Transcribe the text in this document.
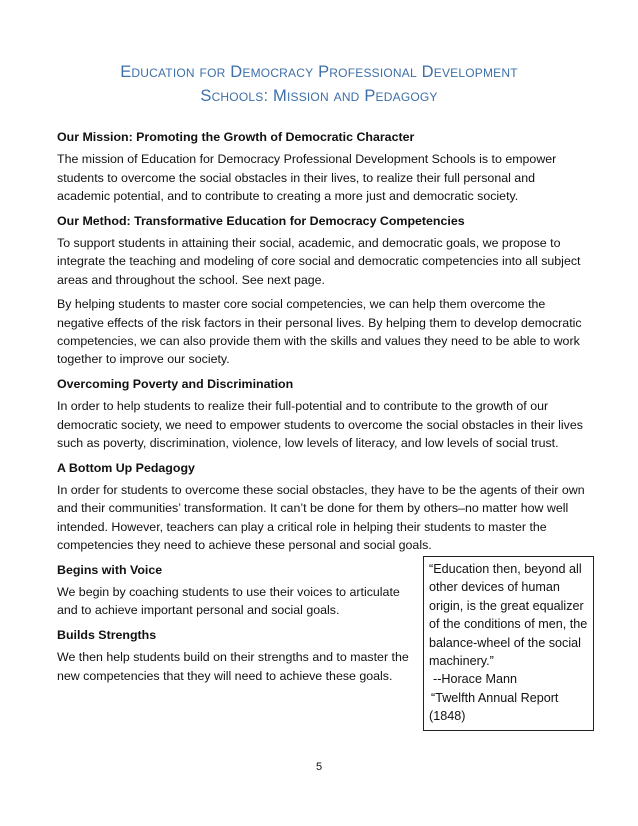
Education for Democracy Professional Development
Schools: Mission and Pedagogy
Our Mission: Promoting the Growth of Democratic Character

The mission of Education for Democracy Professional Development Schools is to empower students to overcome the social obstacles in their lives, to realize their full personal and academic potential, and to contribute to creating a more just and democratic society.

Our Method: Transformative Education for Democracy Competencies

To support students in attaining their social, academic, and democratic goals, we propose to integrate the teaching and modeling of core social and democratic competencies into all subject areas and throughout the school. See next page.

By helping students to master core social competencies, we can help them overcome the negative effects of the risk factors in their personal lives. By helping them to develop democratic competencies, we can also provide them with the skills and values they need to be able to work together to improve our society.

Overcoming Poverty and Discrimination

In order to help students to realize their full-potential and to contribute to the growth of our democratic society, we need to empower students to overcome the social obstacles in their lives such as poverty, discrimination, violence, low levels of literacy, and low levels of social trust.

A Bottom Up Pedagogy

In order for students to overcome these social obstacles, they have to be the agents of their own and their communities’ transformation. It can’t be done for them by others–no matter how well intended. However, teachers can play a critical role in helping their students to master the competencies they need to achieve these personal and social goals.

Begins with Voice

We begin by coaching students to use their voices to articulate and to achieve important personal and social goals.

Builds Strengths

We then help students build on their strengths and to master the new competencies that they will need to achieve these goals.

“Education then, beyond all other devices of human origin, is the great equalizer of the conditions of men, the balance-wheel of the social machinery.”
--Horace Mann
“Twelfth Annual Report
(1848)
5
